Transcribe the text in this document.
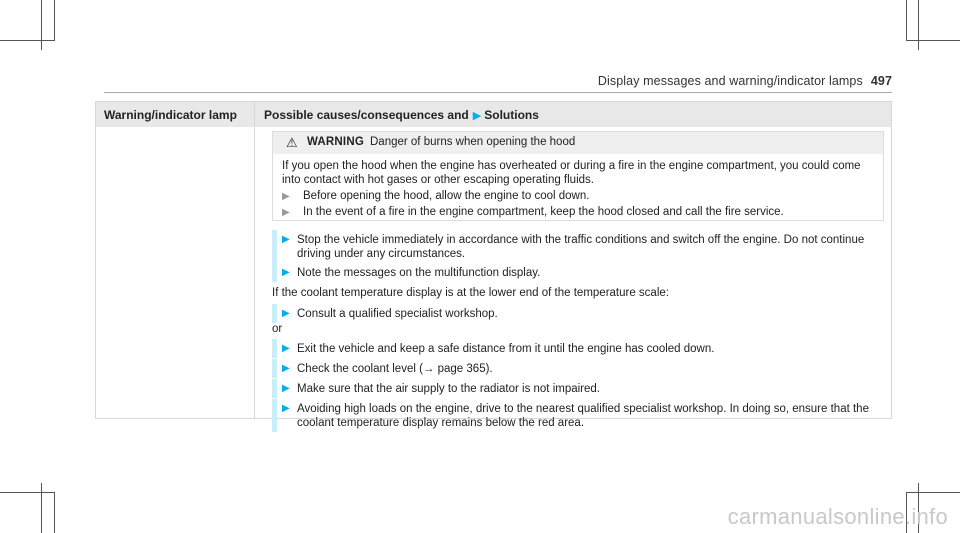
Display messages and warning/indicator lamps 497
Warning/indicator lamp Possible causes/consequences and ▶ Solutions
⚠ WARNING Danger of burns when opening the hood
If you open the hood when the engine has overheated or during a fire in the engine compartment, you could come into contact with hot gases or other escaping operating fluids.
▶ Before opening the hood, allow the engine to cool down.
▶ In the event of a fire in the engine compartment, keep the hood closed and call the fire service.
▶ Stop the vehicle immediately in accordance with the traffic conditions and switch off the engine. Do not continue driving under any circumstances.
▶ Note the messages on the multifunction display.
If the coolant temperature display is at the lower end of the temperature scale:
▶ Consult a qualified specialist workshop.
or
▶ Exit the vehicle and keep a safe distance from it until the engine has cooled down.
▶ Check the coolant level (→ page 365).
▶ Make sure that the air supply to the radiator is not impaired.
▶ Avoiding high loads on the engine, drive to the nearest qualified specialist workshop. In doing so, ensure that the coolant temperature display remains below the red area.
carmanualsonline.info
